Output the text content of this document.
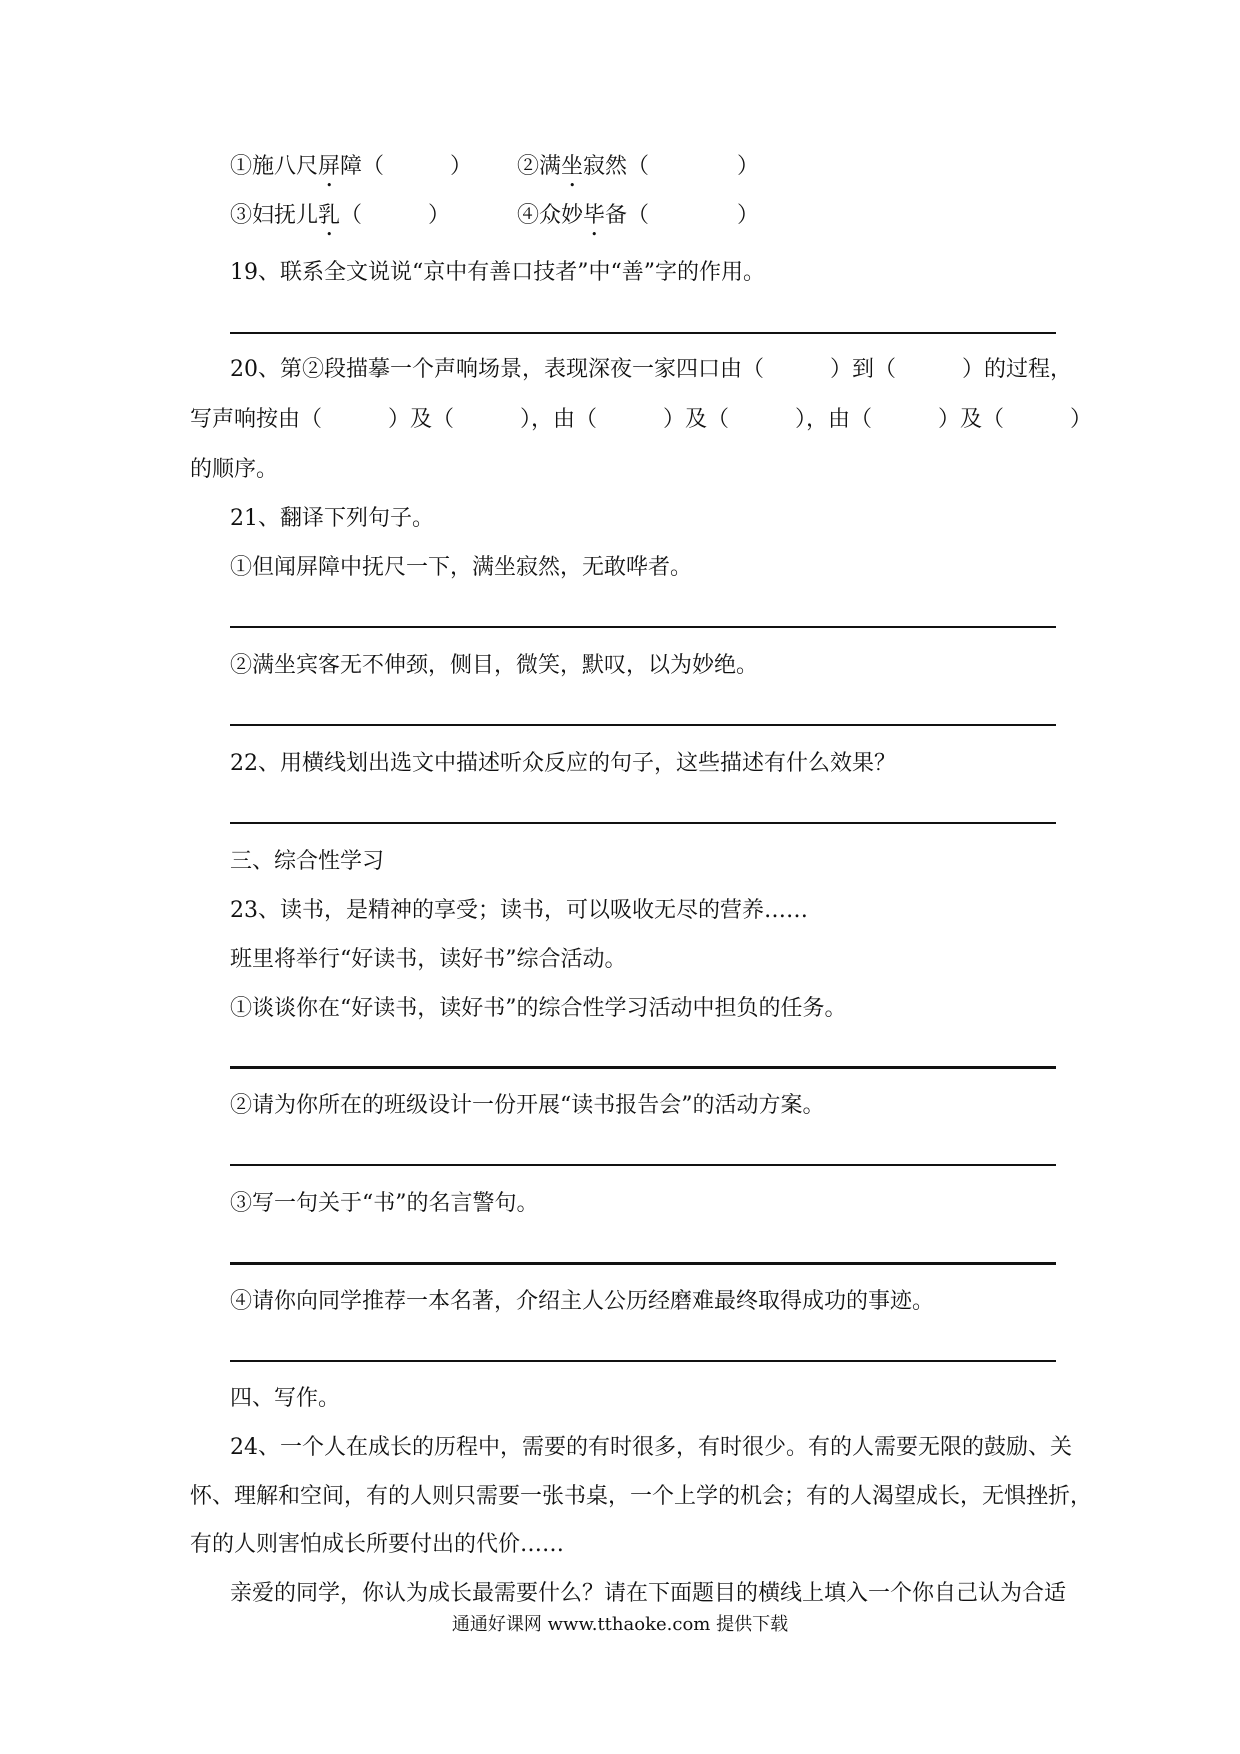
①施八尺屏障（　　　） ②满坐寂然（　　　　）

③妇抚儿乳（　　　）	④众妙毕备（　　　　）

19、联系全文说说“京中有善口技者”中“善”字的作用。

20、第②段描摹一个声响场景，表现深夜一家四口由（　　　）到（　　　）的过程，

写声响按由（　　　）及（　　　），由（　　　）及（　　　），由（　　　）及（　　　）

的顺序。

21、翻译下列句子。

①但闻屏障中抚尺一下，满坐寂然，无敢哗者。

②满坐宾客无不伸颈，侧目，微笑，默叹，以为妙绝。

22、用横线划出选文中描述听众反应的句子，这些描述有什么效果？

三、综合性学习

23、读书，是精神的享受；读书，可以吸收无尽的营养……

班里将举行“好读书，读好书”综合活动。

①谈谈你在“好读书，读好书”的综合性学习活动中担负的任务。

②请为你所在的班级设计一份开展“读书报告会”的活动方案。

③写一句关于“书”的名言警句。

④请你向同学推荐一本名著，介绍主人公历经磨难最终取得成功的事迹。

四、写作。

24、一个人在成长的历程中，需要的有时很多，有时很少。有的人需要无限的鼓励、关

怀、理解和空间，有的人则只需要一张书桌，一个上学的机会；有的人渴望成长，无惧挫折，

有的人则害怕成长所要付出的代价……

亲爱的同学，你认为成长最需要什么？请在下面题目的横线上填入一个你自己认为合适

通通好课网 www.tthaoke.com 提供下载
